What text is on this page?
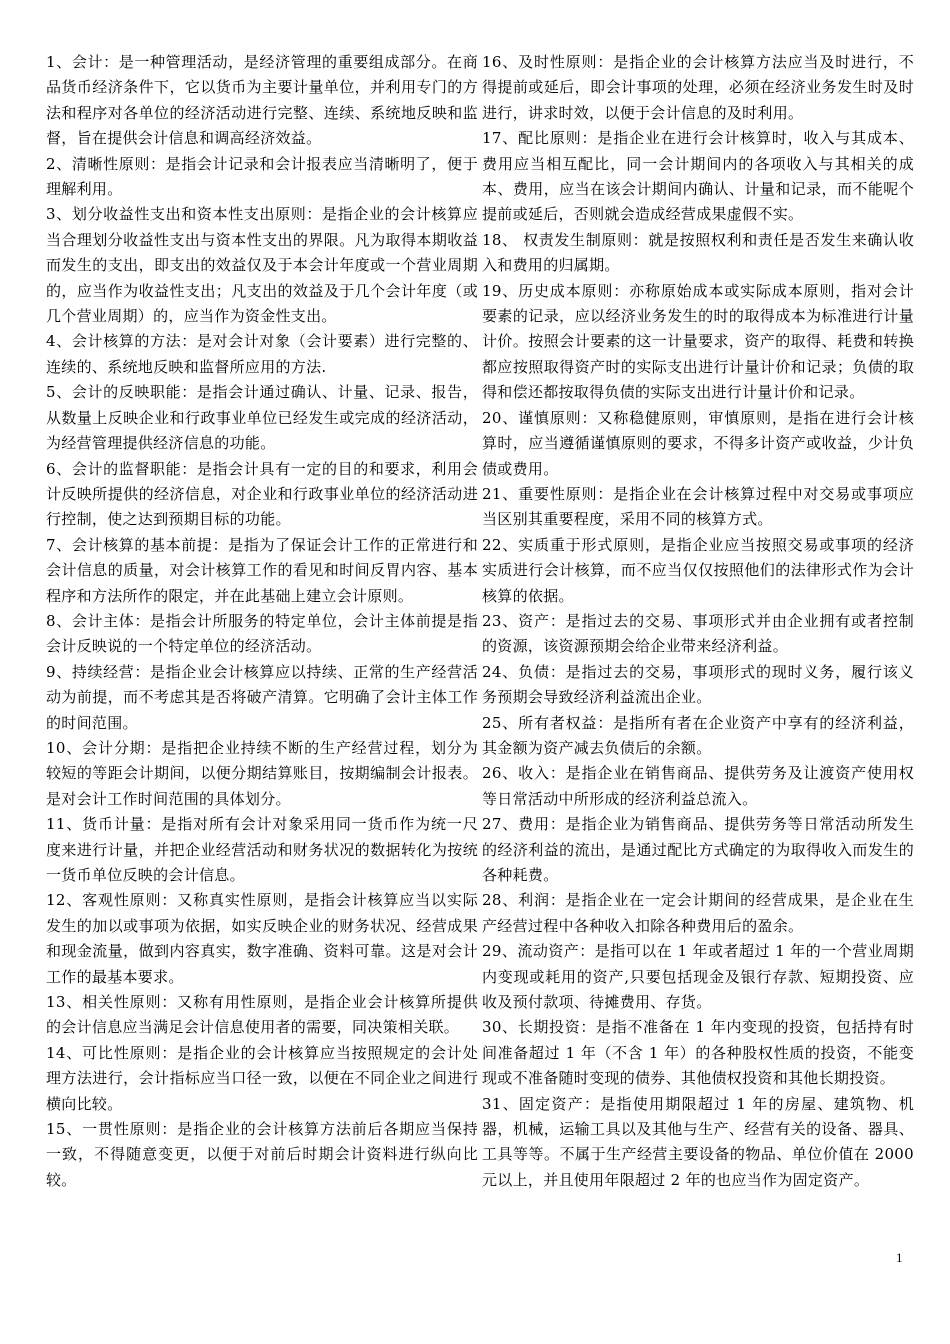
1、会计：是一种管理活动，是经济管理的重要组成部分。在商品货币经济条件下，它以货币为主要计量单位，并利用专门的方法和程序对各单位的经济活动进行完整、连续、系统地反映和监督，旨在提供会计信息和调高经济效益。

2、清晰性原则：是指会计记录和会计报表应当清晰明了，便于理解利用。

3、划分收益性支出和资本性支出原则：是指企业的会计核算应当合理划分收益性支出与资本性支出的界限。凡为取得本期收益而发生的支出，即支出的效益仅及于本会计年度或一个营业周期的，应当作为收益性支出；凡支出的效益及于几个会计年度（或几个营业周期）的，应当作为资金性支出。

4、会计核算的方法：是对会计对象（会计要素）进行完整的、连续的、系统地反映和监督所应用的方法.

5、会计的反映职能：是指会计通过确认、计量、记录、报告，从数量上反映企业和行政事业单位已经发生或完成的经济活动，为经营管理提供经济信息的功能。

6、会计的监督职能：是指会计具有一定的目的和要求，利用会计反映所提供的经济信息，对企业和行政事业单位的经济活动进行控制，使之达到预期目标的功能。

7、会计核算的基本前提：是指为了保证会计工作的正常进行和会计信息的质量，对会计核算工作的看见和时间反胃内容、基本程序和方法所作的限定，并在此基础上建立会计原则。

8、会计主体：是指会计所服务的特定单位，会计主体前提是指会计反映说的一个特定单位的经济活动。

9、持续经营：是指企业会计核算应以持续、正常的生产经营活动为前提，而不考虑其是否将破产清算。它明确了会计主体工作的时间范围。

10、会计分期：是指把企业持续不断的生产经营过程，划分为较短的等距会计期间，以便分期结算账目，按期编制会计报表。是对会计工作时间范围的具体划分。

11、货币计量：是指对所有会计对象采用同一货币作为统一尺度来进行计量，并把企业经营活动和财务状况的数据转化为按统一货币单位反映的会计信息。

12、客观性原则：又称真实性原则，是指会计核算应当以实际发生的加以或事项为依据，如实反映企业的财务状况、经营成果和现金流量，做到内容真实，数字准确、资料可靠。这是对会计工作的最基本要求。

13、相关性原则：又称有用性原则，是指企业会计核算所提供的会计信息应当满足会计信息使用者的需要，同决策相关联。

14、可比性原则：是指企业的会计核算应当按照规定的会计处理方法进行，会计指标应当口径一致，以便在不同企业之间进行横向比较。

15、一贯性原则：是指企业的会计核算方法前后各期应当保持一致，不得随意变更，以便于对前后时期会计资料进行纵向比较。

16、及时性原则：是指企业的会计核算方法应当及时进行，不得提前或延后，即会计事项的处理，必须在经济业务发生时及时进行，讲求时效，以便于会计信息的及时利用。

17、配比原则：是指企业在进行会计核算时，收入与其成本、费用应当相互配比，同一会计期间内的各项收入与其相关的成本、费用，应当在该会计期间内确认、计量和记录，而不能呢个提前或延后，否则就会造成经营成果虚假不实。

18、 权责发生制原则：就是按照权利和责任是否发生来确认收入和费用的归属期。

19、历史成本原则：亦称原始成本或实际成本原则，指对会计要素的记录，应以经济业务发生的时的取得成本为标准进行计量计价。按照会计要素的这一计量要求，资产的取得、耗费和转换都应按照取得资产时的实际支出进行计量计价和记录；负债的取得和偿还都按取得负债的实际支出进行计量计价和记录。

20、谨慎原则：又称稳健原则，审慎原则，是指在进行会计核算时，应当遵循谨慎原则的要求，不得多计资产或收益，少计负债或费用。

21、重要性原则：是指企业在会计核算过程中对交易或事项应当区别其重要程度，采用不同的核算方式。

22、实质重于形式原则，是指企业应当按照交易或事项的经济实质进行会计核算，而不应当仅仅按照他们的法律形式作为会计核算的依据。

23、资产：是指过去的交易、事项形式并由企业拥有或者控制的资源，该资源预期会给企业带来经济利益。

24、负债：是指过去的交易，事项形式的现时义务，履行该义务预期会导致经济利益流出企业。

25、所有者权益：是指所有者在企业资产中享有的经济利益，其金额为资产减去负债后的余额。

26、收入：是指企业在销售商品、提供劳务及让渡资产使用权等日常活动中所形成的经济利益总流入。

27、费用：是指企业为销售商品、提供劳务等日常活动所发生的经济利益的流出，是通过配比方式确定的为取得收入而发生的各种耗费。

28、利润：是指企业在一定会计期间的经营成果，是企业在生产经营过程中各种收入扣除各种费用后的盈余。

29、流动资产：是指可以在 1 年或者超过 1 年的一个营业周期内变现或耗用的资产,只要包括现金及银行存款、短期投资、应收及预付款项、待摊费用、存货。

30、长期投资：是指不准备在 1 年内变现的投资，包括持有时间准备超过 1 年（不含 1 年）的各种股权性质的投资，不能变现或不准备随时变现的债券、其他债权投资和其他长期投资。

31、固定资产：是指使用期限超过 1 年的房屋、建筑物、机器，机械，运输工具以及其他与生产、经营有关的设备、器具、工具等等。不属于生产经营主要设备的物品、单位价值在 2000 元以上，并且使用年限超过 2 年的也应当作为固定资产。

1
